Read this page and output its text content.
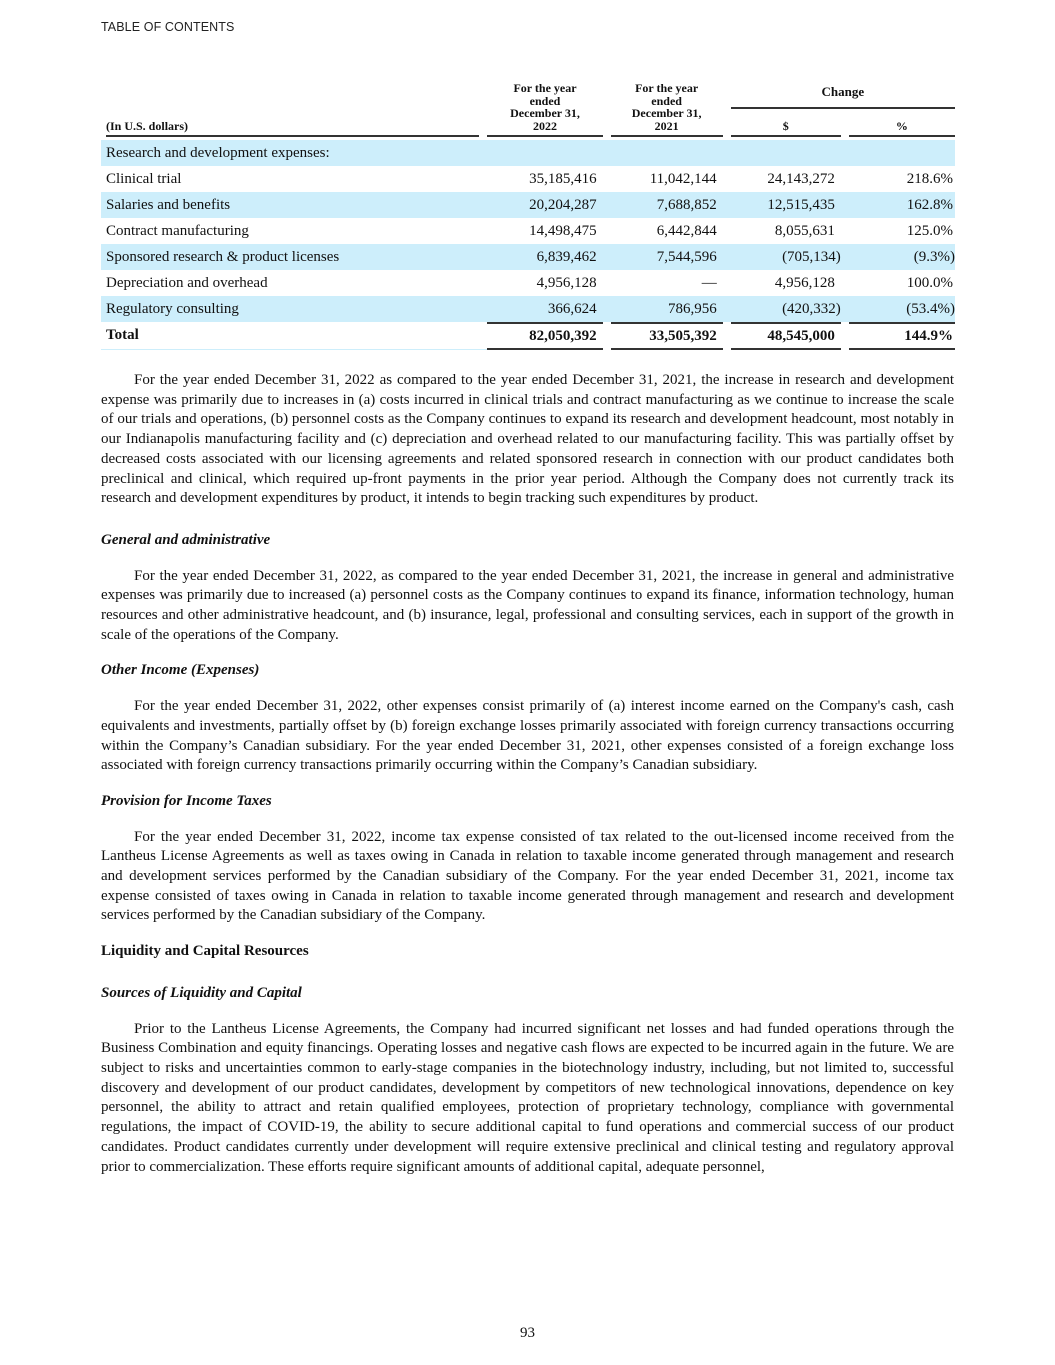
TABLE OF CONTENTS
(In U.S. dollars)

For the year
ended
December 31,
2022

For the year
ended
December 31,
2021
		Change

						$		%

Research and development expenses:								
Clinical trial		35,185,416		11,042,144		24,143,272		218.6%
Salaries and benefits		20,204,287		7,688,852		12,515,435		162.8%
Contract manufacturing		14,498,475		6,442,844		8,055,631		125.0%
Sponsored research & product licenses		6,839,462		7,544,596		(705,134)		(9.3%)
Depreciation and overhead		4,956,128		—		4,956,128		100.0%
Regulatory consulting		366,624		786,956		(420,332)		(53.4%)
Total		82,050,392		33,505,392		48,545,000		144.9%

For the year ended December 31, 2022 as compared to the year ended December 31, 2021, the increase in research and development expense was primarily due to increases in (a) costs incurred in clinical trials and contract manufacturing as we continue to increase the scale of our trials and operations, (b) personnel costs as the Company continues to expand its research and development headcount, most notably in our Indianapolis manufacturing facility and (c) depreciation and overhead related to our manufacturing facility. This was partially offset by decreased costs associated with our licensing agreements and related sponsored research in connection with our product candidates both preclinical and clinical, which required up-front payments in the prior year period. Although the Company does not currently track its research and development expenditures by product, it intends to begin tracking such expenditures by product.

General and administrative

For the year ended December 31, 2022, as compared to the year ended December 31, 2021, the increase in general and administrative expenses was primarily due to increased (a) personnel costs as the Company continues to expand its finance, information technology, human resources and other administrative headcount, and (b) insurance, legal, professional and consulting services, each in support of the growth in scale of the operations of the Company.

Other Income (Expenses)

For the year ended December 31, 2022, other expenses consist primarily of (a) interest income earned on the Company's cash, cash equivalents and investments, partially offset by (b) foreign exchange losses primarily associated with foreign currency transactions occurring within the Company’s Canadian subsidiary. For the year ended December 31, 2021, other expenses consisted of a foreign exchange loss associated with foreign currency transactions primarily occurring within the Company’s Canadian subsidiary.

Provision for Income Taxes

For the year ended December 31, 2022, income tax expense consisted of tax related to the out-licensed income received from the Lantheus License Agreements as well as taxes owing in Canada in relation to taxable income generated through management and research and development services performed by the Canadian subsidiary of the Company. For the year ended December 31, 2021, income tax expense consisted of taxes owing in Canada in relation to taxable income generated through management and research and development services performed by the Canadian subsidiary of the Company.

Liquidity and Capital Resources
Sources of Liquidity and Capital

Prior to the Lantheus License Agreements, the Company had incurred significant net losses and had funded operations through the Business Combination and equity financings. Operating losses and negative cash flows are expected to be incurred again in the future. We are subject to risks and uncertainties common to early-stage companies in the biotechnology industry, including, but not limited to, successful discovery and development of our product candidates, development by competitors of new technological innovations, dependence on key personnel, the ability to attract and retain qualified employees, protection of proprietary technology, compliance with governmental regulations, the impact of COVID-19, the ability to secure additional capital to fund operations and commercial success of our product candidates. Product candidates currently under development will require extensive preclinical and clinical testing and regulatory approval prior to commercialization. These efforts require significant amounts of additional capital, adequate personnel,

93
